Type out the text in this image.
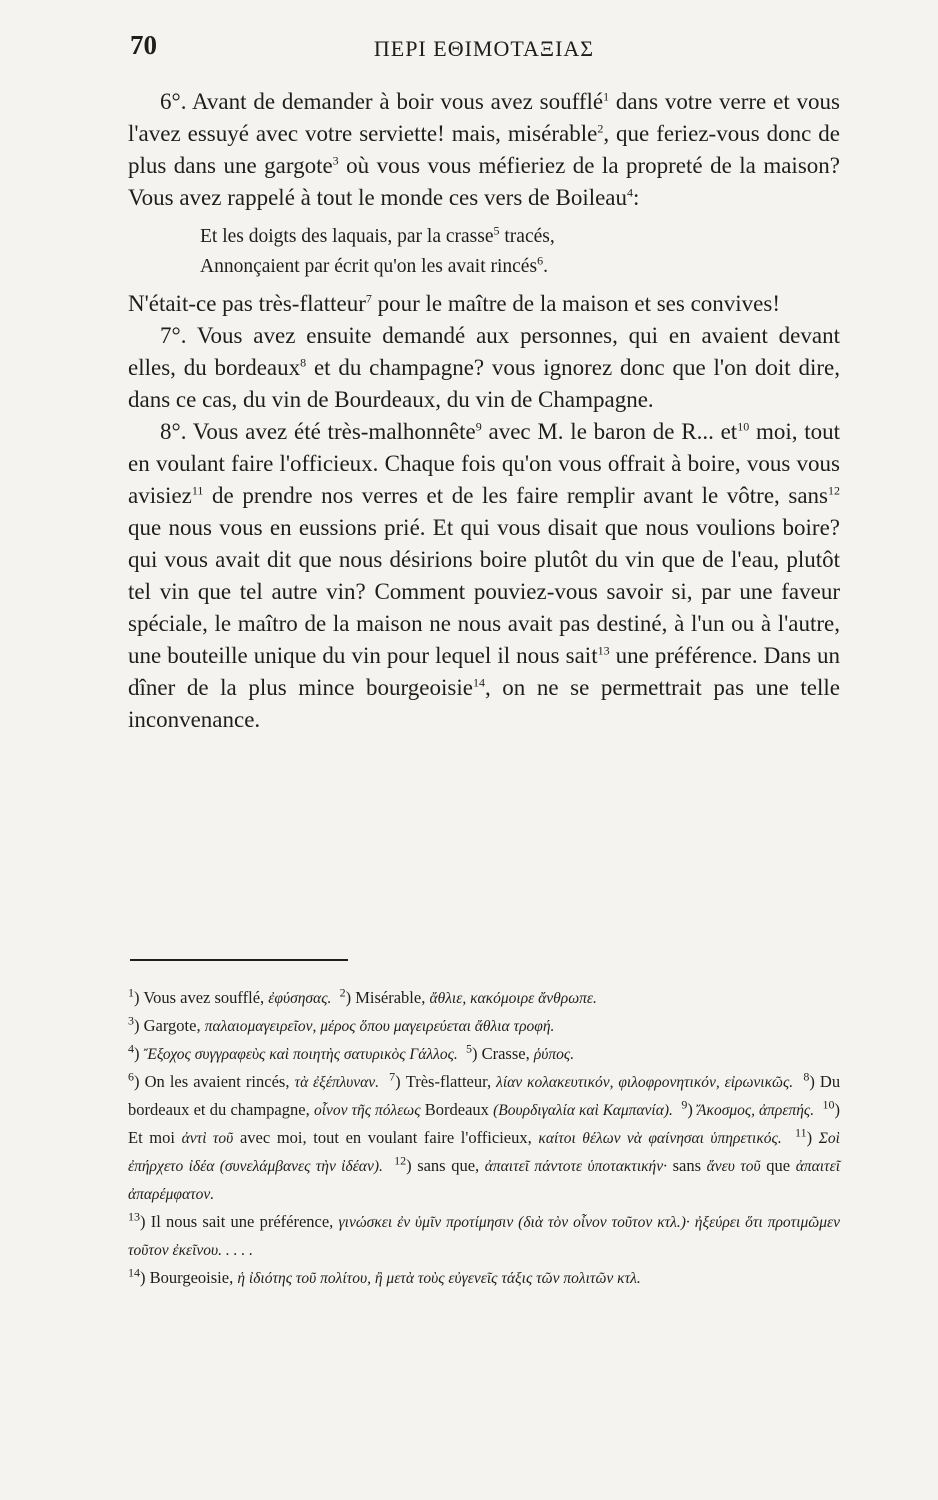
70	ΠΕΡΙ ΕΘΙΜΟΤΑΞΙΑΣ

6°. Avant de demander à boir vous avez soufflé$^1$ dans votre verre et vous l'avez essuyé avec votre serviette! mais, misérable$^2$, que feriez-vous donc de plus dans une gargote$^3$ où vous vous méfieriez de la propreté de la maison? Vous avez rappelé à tout le monde ces vers de Boileau$^4$:

Et les doigts des laquais, par la crasse$^5$ tracés,
Annonçaient par écrit qu'on les avait rincés$^6$.

N'était-ce pas très-flatteur$^7$ pour le maître de la maison et ses convives!

7°. Vous avez ensuite demandé aux personnes, qui en avaient devant elles, du bordeaux$^8$ et du champagne? vous ignorez donc que l'on doit dire, dans ce cas, du vin de Bourdeaux, du vin de Champagne.

8°. Vous avez été très-malhonnête$^9$ avec M. le baron de R... $et^{10}$ moi, tout en voulant faire l'officieux. Chaque fois qu'on vous offrait à boire, vous vous avisiez$^{11}$ de prendre nos verres et de les faire remplir avant le vôtre, sans$^{12}$ que nous vous en eussions prié. Et qui vous disait que nous voulions boire? qui vous avait dit que nous désirions boire plutôt du vin que de l'eau, plutôt tel vin que tel autre vin? Comment pouviez-vous savoir si, par une faveur spéciale, le maîtro de la maison ne nous avait pas destiné, à l'un ou à l'autre, une bouteille unique du vin pour lequel il nous sait$^{13}$ une préférence. Dans un dîner de la plus mince bourgeoisie$^{14}$, on ne se permettrait pas une telle inconvenance.

$^1$) Vous avez soufflé, ἐφύσησας. $^2$) Misérable, ἄθλιε, κακόμοιρε ἄνθρωπε.

$^3$) Gargote, παλαιομαγειρεῖον, μέρος ὅπου μαγειρεύεται ἄθλια τροφή.

$^4$) Ἔξοχος συγγραφεὺς καὶ ποιητὴς σατυρικὸς Γάλλος. $^5$) Crasse, ῥύπος.

$^6$) On les avaient rincés, τὰ ἐξέπλυναν. $^7$) Très-flatteur, λίαν κολακευτικόν, φιλοφρονητικόν, εἰρωνικῶς. $^8$) Du bordeaux et du champagne, οἶνον τῆς πόλεως Bordeaux (Βουρδιγαλία καὶ Καμπανία). $^9$) Ἄκοσμος, ἀπρεπής. $^{10}$) Et moi ἀντὶ τοῦ avec moi, tout en voulant faire l'officieux, καίτοι θέλων νὰ φαίνησαι ὑπηρετικός. $^{11}$) Σοὶ ἐπήρχετο ἰδέα (συνελάμβανες τὴν ἰδέαν). $^{12}$) sans que, ἀπαιτεῖ πάντοτε ὑποτακτικήν· sans ἄνευ τοῦ que ἀπαιτεῖ ἀπαρέμφατον.

$^{13}$) Il nous sait une préférence, γινώσκει ἐν ὑμῖν προτίμησιν (διὰ τὸν οἶνον τοῦτον κτλ.)· ἠξεύρει ὅτι προτιμῶμεν τοῦτον ἐκεῖνου. . . . .

$^{14}$) Bourgeoisie, ἡ ἰδιότης τοῦ πολίτου, ἢ μετὰ τοὺς εὐγενεῖς τάξις τῶν πολιτῶν κτλ.
